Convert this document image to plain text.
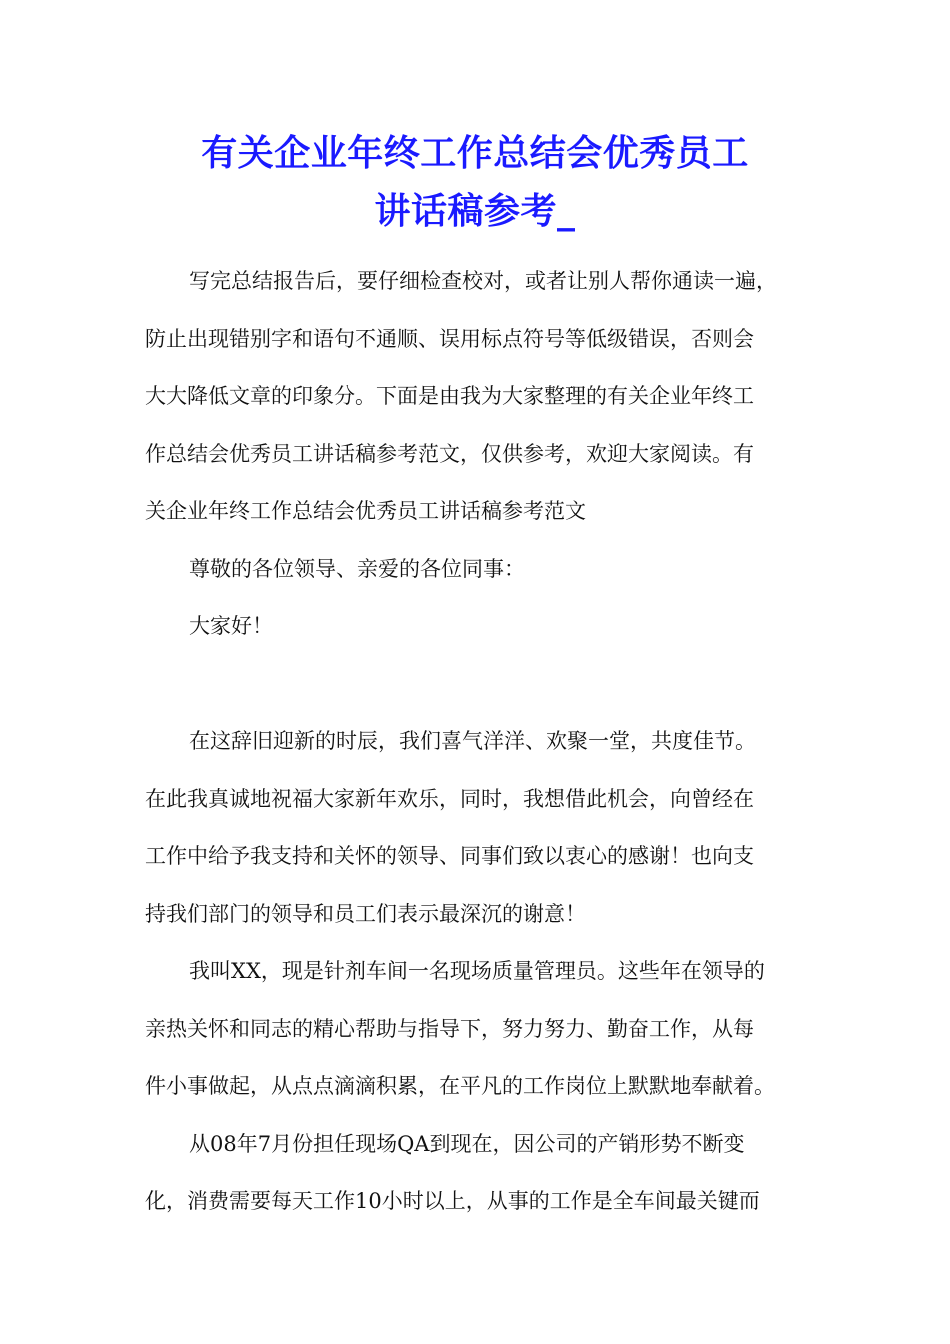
有关企业年终工作总结会优秀员工
讲话稿参考_
写完总结报告后，要仔细检查校对，或者让别人帮你通读一遍，
防止出现错别字和语句不通顺、误用标点符号等低级错误，否则会
大大降低文章的印象分。下面是由我为大家整理的有关企业年终工
作总结会优秀员工讲话稿参考范文，仅供参考，欢迎大家阅读。有
关企业年终工作总结会优秀员工讲话稿参考范文
尊敬的各位领导、亲爱的各位同事：
大家好！
在这辞旧迎新的时辰，我们喜气洋洋、欢聚一堂，共度佳节。
在此我真诚地祝福大家新年欢乐，同时，我想借此机会，向曾经在
工作中给予我支持和关怀的领导、同事们致以衷心的感谢！也向支
持我们部门的领导和员工们表示最深沉的谢意！
我叫XX，现是针剂车间一名现场质量管理员。这些年在领导的
亲热关怀和同志的精心帮助与指导下，努力努力、勤奋工作，从每
件小事做起，从点点滴滴积累，在平凡的工作岗位上默默地奉献着。
从08年7月份担任现场QA到现在，因公司的产销形势不断变
化，消费需要每天工作10小时以上，从事的工作是全车间最关键而
